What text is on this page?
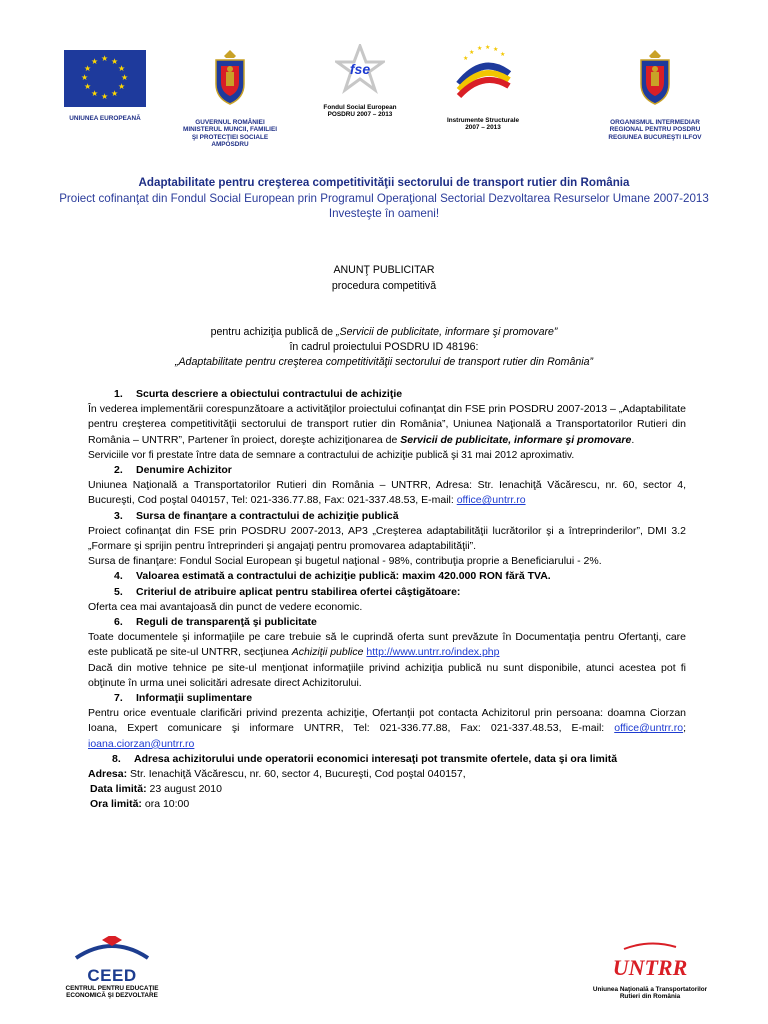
★ ★
★
★
★
★
★
★
★
★
★
★
UNIUNEA EUROPEANĂ
GUVERNUL ROMÂNIEI
MINISTERUL MUNCII, FAMILIEI
ŞI PROTECŢIEI SOCIALE
AMPOSDRU
fse
Fondul Social European
POSDRU 2007 – 2013
★
★ ★ ★
★
★
Instrumente Structurale
2007 – 2013
ORGANISMUL INTERMEDIAR
REGIONAL PENTRU POSDRU
REGIUNEA BUCUREŞTI ILFOV
Adaptabilitate pentru creşterea competitivităţii sectorului de transport rutier din România
Proiect cofinanţat din Fondul Social European prin Programul Operaţional Sectorial Dezvoltarea Resurselor Umane 2007-2013
Investeşte în oameni!
ANUNŢ PUBLICITAR
procedura competitivă
pentru achiziţia publică de „Servicii de publicitate, informare şi promovare”
în cadrul proiectului POSDRU ID 48196:
„Adaptabilitate pentru creşterea competitivităţii sectorului de transport rutier din România”

1. Scurta descriere a obiectului contractului de achiziţie

În vederea implementării corespunzătoare a activităţilor proiectului cofinanţat din FSE prin POSDRU 2007-2013 – „Adaptabilitate pentru creşterea competitivităţii sectorului de transport rutier din România”, Uniunea Naţională a Transportatorilor Rutieri din România – UNTRR”, Partener în proiect, doreşte achiziţionarea de Servicii de publicitate, informare şi promovare.

Serviciile vor fi prestate între data de semnare a contractului de achiziţie publică şi 31 mai 2012 aproximativ.

2. Denumire Achizitor

Uniunea Naţională a Transportatorilor Rutieri din România – UNTRR, Adresa: Str. Ienachiţă Văcărescu, nr. 60, sector 4, Bucureşti, Cod poştal 040157, Tel: 021-336.77.88, Fax: 021-337.48.53, E-mail: office@untrr.ro

3. Sursa de finanţare a contractului de achiziţie publică

Proiect cofinanţat din FSE prin POSDRU 2007-2013, AP3 „Creşterea adaptabilităţii lucrătorilor şi a întreprinderilor”, DMI 3.2 „Formare şi sprijin pentru întreprinderi şi angajaţi pentru promovarea adaptabilităţii”.

Sursa de finanţare: Fondul Social European şi bugetul naţional - 98%, contribuţia proprie a Beneficiarului - 2%.

4. Valoarea estimată a contractului de achiziţie publică: maxim 420.000 RON fără TVA.

5. Criteriul de atribuire aplicat pentru stabilirea ofertei câştigătoare:

Oferta cea mai avantajoasă din punct de vedere economic.

6. Reguli de transparenţă şi publicitate

Toate documentele şi informaţiile pe care trebuie să le cuprindă oferta sunt prevăzute în Documentaţia pentru Ofertanţi, care este publicată pe site-ul UNTRR, secţiunea Achiziţii publice http://www.untrr.ro/index.php

Dacă din motive tehnice pe site-ul menţionat informaţiile privind achiziţia publică nu sunt disponibile, atunci acestea pot fi obţinute în urma unei solicitări adresate direct Achizitorului.

7. Informaţii suplimentare

Pentru orice eventuale clarificări privind prezenta achiziţie, Ofertanţii pot contacta Achizitorul prin persoana: doamna Ciorzan Ioana, Expert comunicare şi informare UNTRR, Tel: 021-336.77.88, Fax: 021-337.48.53, E-mail: office@untrr.ro; ioana.ciorzan@untrr.ro

8. Adresa achizitorului unde operatorii economici interesaţi pot transmite ofertele, data şi ora limită

Adresa: Str. Ienachiţă Văcărescu, nr. 60, sector 4, Bucureşti, Cod poştal 040157,

Data limită: 23 august 2010

Ora limită: ora 10:00

CEED
CENTRUL PENTRU EDUCAŢIE
ECONOMICĂ ŞI DEZVOLTARE
UNTRR
Uniunea Naţională a Transportatorilor
Rutieri din România
